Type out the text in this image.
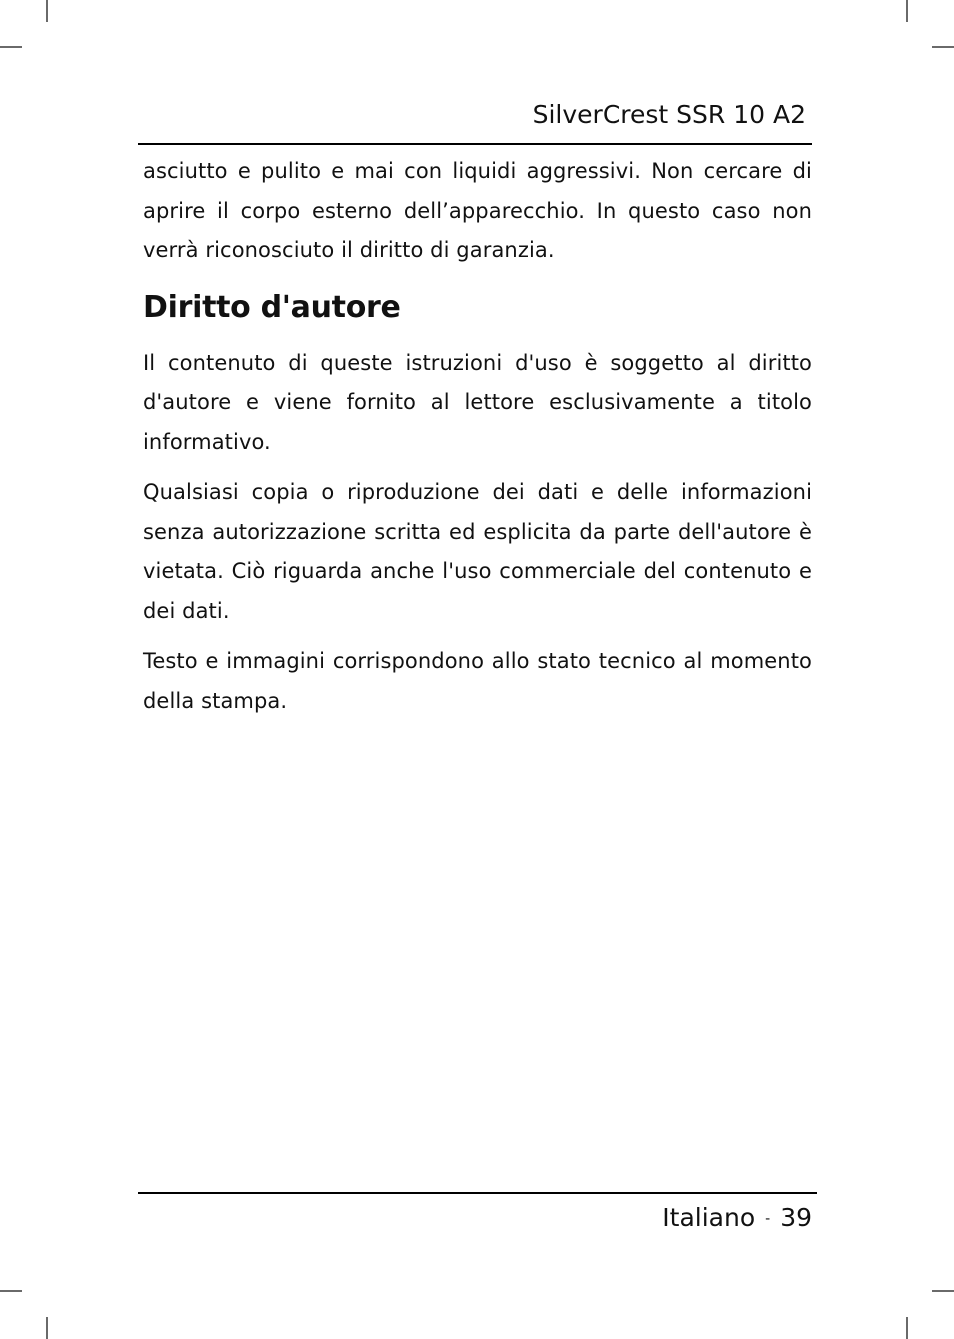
SilverCrest SSR 10 A2

asciutto e pulito e mai con liquidi aggressivi. Non cercare di aprire il corpo esterno dell’apparecchio. In questo caso non verrà riconosciuto il diritto di garanzia.

Diritto d'autore

Il contenuto di queste istruzioni d'uso è soggetto al diritto d'autore e viene fornito al lettore esclusivamente a titolo informativo.

Qualsiasi copia o riproduzione dei dati e delle informazioni senza autorizzazione scritta ed esplicita da parte dell'autore è vietata. Ciò riguarda anche l'uso commerciale del contenuto e dei dati.

Testo e immagini corrispondono allo stato tecnico al momento della stampa.

Italiano - 39
